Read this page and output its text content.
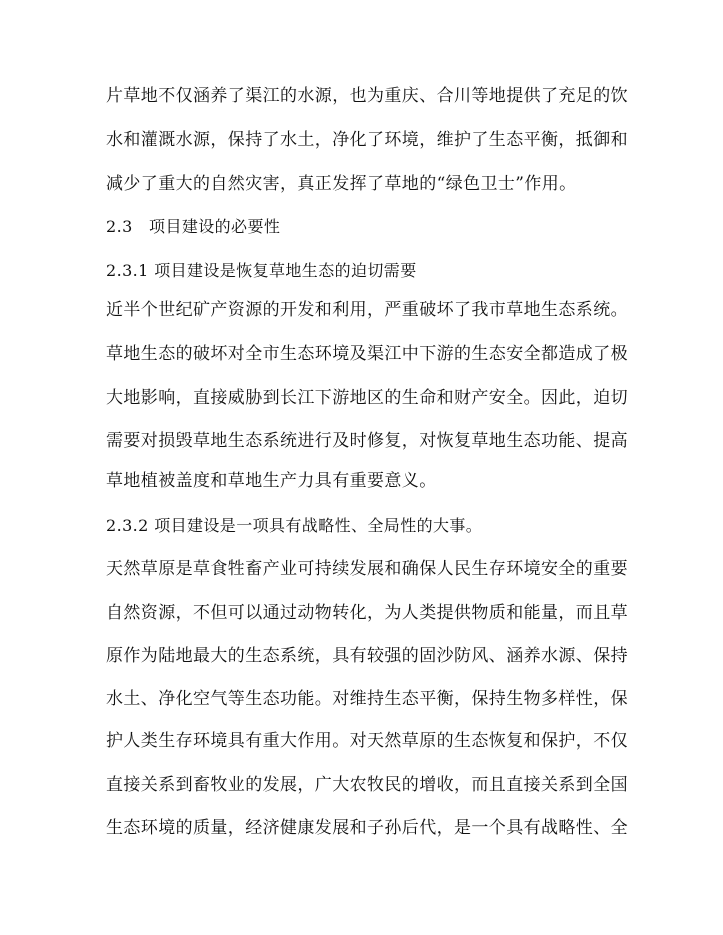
片草地不仅涵养了渠江的水源，也为重庆、合川等地提供了充足的饮
水和灌溉水源，保持了水土，净化了环境，维护了生态平衡，抵御和
减少了重大的自然灾害，真正发挥了草地的“绿色卫士”作用。
2.3　项目建设的必要性
2.3.1 项目建设是恢复草地生态的迫切需要
近半个世纪矿产资源的开发和利用，严重破坏了我市草地生态系统。
草地生态的破坏对全市生态环境及渠江中下游的生态安全都造成了极
大地影响，直接威胁到长江下游地区的生命和财产安全。因此，迫切
需要对损毁草地生态系统进行及时修复，对恢复草地生态功能、提高
草地植被盖度和草地生产力具有重要意义。
2.3.2 项目建设是一项具有战略性、全局性的大事。
天然草原是草食牲畜产业可持续发展和确保人民生存环境安全的重要
自然资源，不但可以通过动物转化，为人类提供物质和能量，而且草
原作为陆地最大的生态系统，具有较强的固沙防风、涵养水源、保持
水土、净化空气等生态功能。对维持生态平衡，保持生物多样性，保
护人类生存环境具有重大作用。对天然草原的生态恢复和保护，不仅
直接关系到畜牧业的发展，广大农牧民的增收，而且直接关系到全国
生态环境的质量，经济健康发展和子孙后代，是一个具有战略性、全
